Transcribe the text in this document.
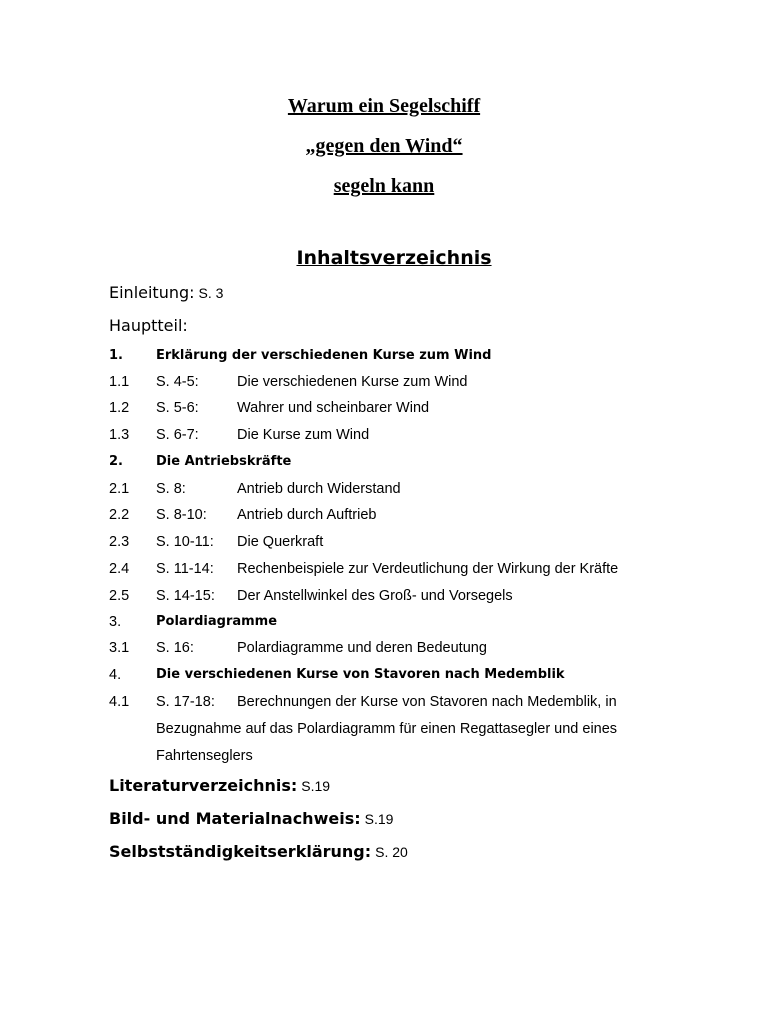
Warum ein Segelschiff
„gegen den Wind“
segeln kann
Inhaltsverzeichnis
Einleitung: S. 3
Hauptteil:
1.	Erklärung der verschiedenen Kurse zum Wind
1.1 S. 4-5:	Die verschiedenen Kurse zum Wind
1.2 S. 5-6:	Wahrer und scheinbarer Wind
1.3 S. 6-7:	Die Kurse zum Wind
2.	Die Antriebskräfte
2.1 S. 8:	Antrieb durch Widerstand
2.2 S. 8-10: Antrieb durch Auftrieb
2.3 S. 10-11: Die Querkraft
2.4 S. 11-14: Rechenbeispiele zur Verdeutlichung der Wirkung der Kräfte
2.5 S. 14-15: Der Anstellwinkel des Groß- und Vorsegels
3.	Polardiagramme
3.1 S. 16:	Polardiagramme und deren Bedeutung
4.	Die verschiedenen Kurse von Stavoren nach Medemblik
4.1 S. 17-18: Berechnungen der Kurse von Stavoren nach Medemblik, in
Bezugnahme auf das Polardiagramm für einen Regattasegler und eines
Fahrtenseglers
Literaturverzeichnis: S.19
Bild- und Materialnachweis: S.19
Selbstständigkeitserklärung: S. 20
